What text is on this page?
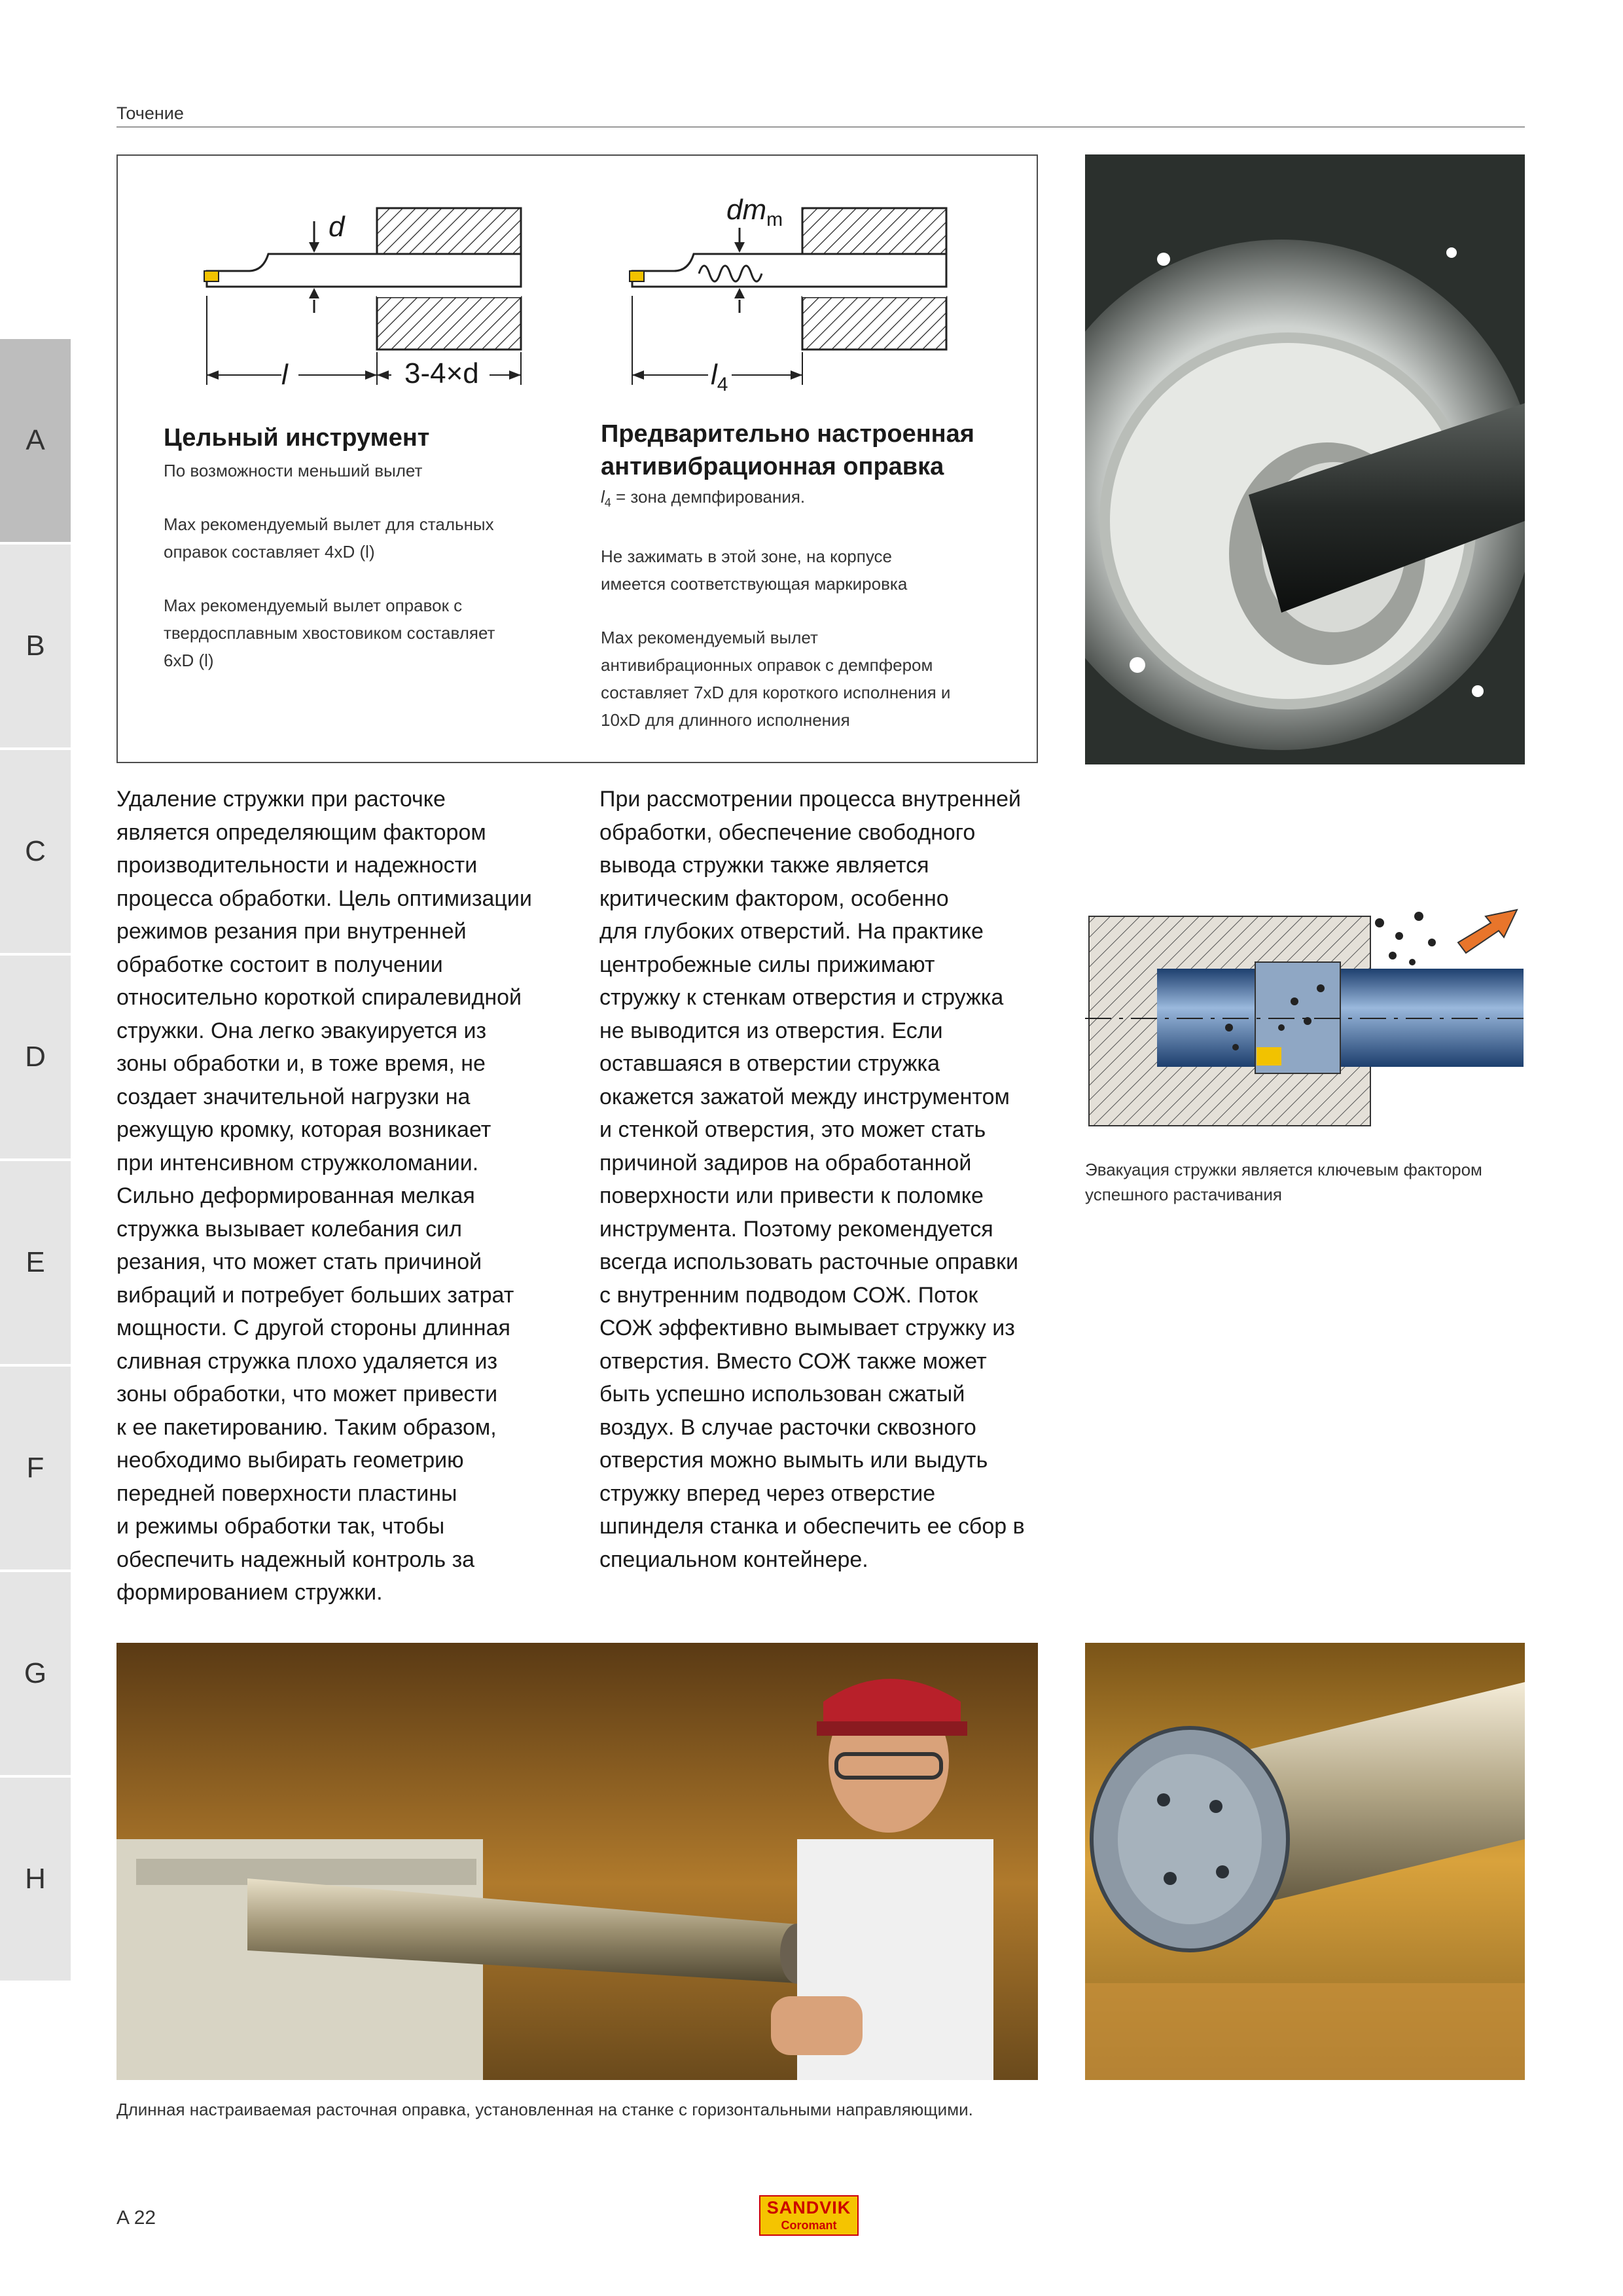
Точение
A
B
C
D
E
F
G
H
d
l	3-4×d
$dm_m$
$l_4$
Цельный инструмент
По возможности меньший вылет
Max рекомендуемый вылет для стальных
оправок составляет 4xD (l)
Max рекомендуемый вылет оправок с
твердосплавным хвостовиком составляет
6xD (l)
Предварительно настроенная
антивибрационная оправка
$l_4$ = зона демпфирования.
Не зажимать в этой зоне, на корпусе
имеется соответствующая маркировка
Max рекомендуемый вылет
антивибрационных оправок с демпфером
составляет 7xD для короткого исполнения и
10xD для длинного исполнения
Эвакуация стружки является ключевым фактором
успешного растачивания
Удаление стружки при расточке
является определяющим фактором
производительности и надежности
процесса обработки. Цель оптимизации
режимов резания при внутренней
обработке состоит в получении
относительно короткой спиралевидной
стружки. Она легко эвакуируется из
зоны обработки и, в тоже время, не
создает значительной нагрузки на
режущую кромку, которая возникает
при интенсивном стружколомании.
Сильно деформированная мелкая
стружка вызывает колебания сил
резания, что может стать причиной
вибраций и потребует больших затрат
мощности. С другой стороны длинная
сливная стружка плохо удаляется из
зоны обработки, что может привести
к ее пакетированию. Таким образом,
необходимо выбирать геометрию
передней поверхности пластины
и режимы обработки так, чтобы
обеспечить надежный контроль за
формированием стружки.
При рассмотрении процесса внутренней
обработки, обеспечение свободного
вывода стружки также является
критическим фактором, особенно
для глубоких отверстий. На практике
центробежные силы прижимают
стружку к стенкам отверстия и стружка
не выводится из отверстия. Если
оставшаяся в отверстии стружка
окажется зажатой между инструментом
и стенкой отверстия, это может стать
причиной задиров на обработанной
поверхности или привести к поломке
инструмента. Поэтому рекомендуется
всегда использовать расточные оправки
с внутренним подводом СОЖ. Поток
СОЖ эффективно вымывает стружку из
отверстия. Вместо СОЖ также может
быть успешно использован сжатый
воздух. В случае расточки сквозного
отверстия можно вымыть или выдуть
стружку вперед через отверстие
шпинделя станка и обеспечить ее сбор в
специальном контейнере.
Длинная настраиваемая расточная оправка, установленная на станке с горизонтальными направляющими.
A 22	SANDVIK
Coromant
